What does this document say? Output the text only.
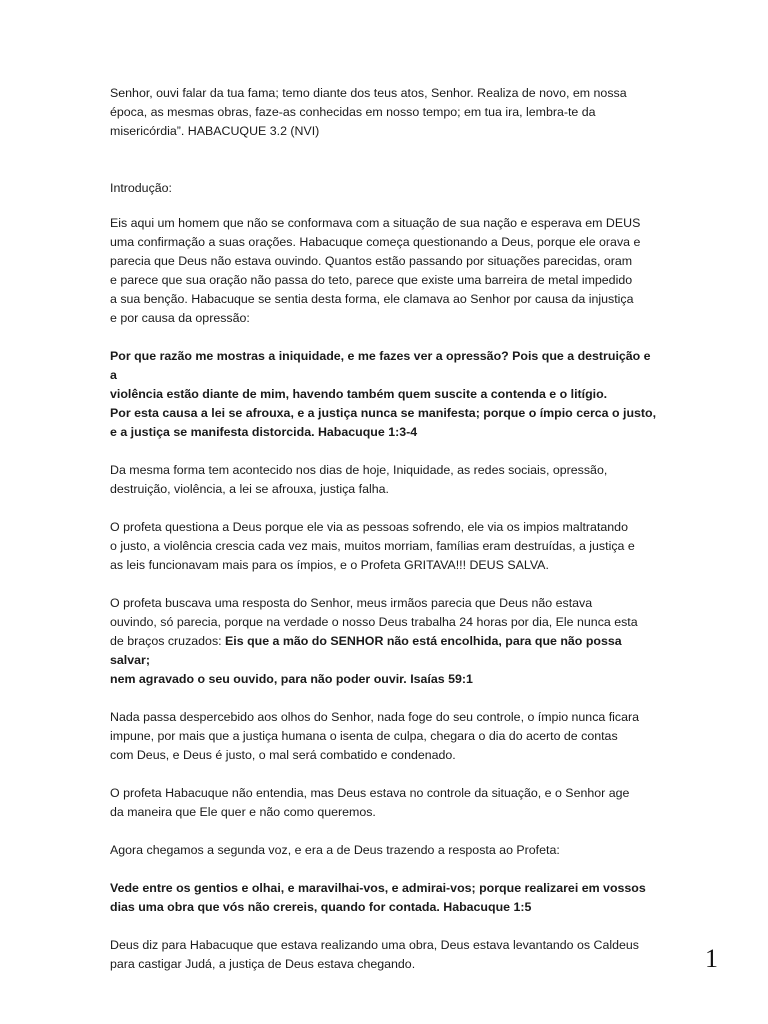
Senhor, ouvi falar da tua fama; temo diante dos teus atos, Senhor. Realiza de novo, em nossa
época, as mesmas obras, faze-as conhecidas em nosso tempo; em tua ira, lembra-te da
misericórdia”. HABACUQUE 3.2 (NVI)

Introdução:

Eis aqui um homem que não se conformava com a situação de sua nação e esperava em DEUS
uma confirmação a suas orações. Habacuque começa questionando a Deus, porque ele orava e
parecia que Deus não estava ouvindo. Quantos estão passando por situações parecidas, oram
e parece que sua oração não passa do teto, parece que existe uma barreira de metal impedido
a sua benção. Habacuque se sentia desta forma, ele clamava ao Senhor por causa da injustiça
e por causa da opressão:

Por que razão me mostras a iniquidade, e me fazes ver a opressão? Pois que a destruição e a
violência estão diante de mim, havendo também quem suscite a contenda e o litígio.
Por esta causa a lei se afrouxa, e a justiça nunca se manifesta; porque o ímpio cerca o justo,
e a justiça se manifesta distorcida. Habacuque 1:3-4

Da mesma forma tem acontecido nos dias de hoje, Iniquidade, as redes sociais, opressão,
destruição, violência, a lei se afrouxa, justiça falha.

O profeta questiona a Deus porque ele via as pessoas sofrendo, ele via os impios maltratando
o justo, a violência crescia cada vez mais, muitos morriam, famílias eram destruídas, a justiça e
as leis funcionavam mais para os ímpios, e o Profeta GRITAVA!!! DEUS SALVA.

O profeta buscava uma resposta do Senhor, meus irmãos parecia que Deus não estava
ouvindo, só parecia, porque na verdade o nosso Deus trabalha 24 horas por dia, Ele nunca esta
de braços cruzados: Eis que a mão do SENHOR não está encolhida, para que não possa salvar;
nem agravado o seu ouvido, para não poder ouvir. Isaías 59:1

Nada passa despercebido aos olhos do Senhor, nada foge do seu controle, o ímpio nunca ficara
impune, por mais que a justiça humana o isenta de culpa, chegara o dia do acerto de contas
com Deus, e Deus é justo, o mal será combatido e condenado.

O profeta Habacuque não entendia, mas Deus estava no controle da situação, e o Senhor age
da maneira que Ele quer e não como queremos.

Agora chegamos a segunda voz, e era a de Deus trazendo a resposta ao Profeta:

Vede entre os gentios e olhai, e maravilhai-vos, e admirai-vos; porque realizarei em vossos
dias uma obra que vós não crereis, quando for contada. Habacuque 1:5

Deus diz para Habacuque que estava realizando uma obra, Deus estava levantando os Caldeus
para castigar Judá, a justiça de Deus estava chegando.	1
